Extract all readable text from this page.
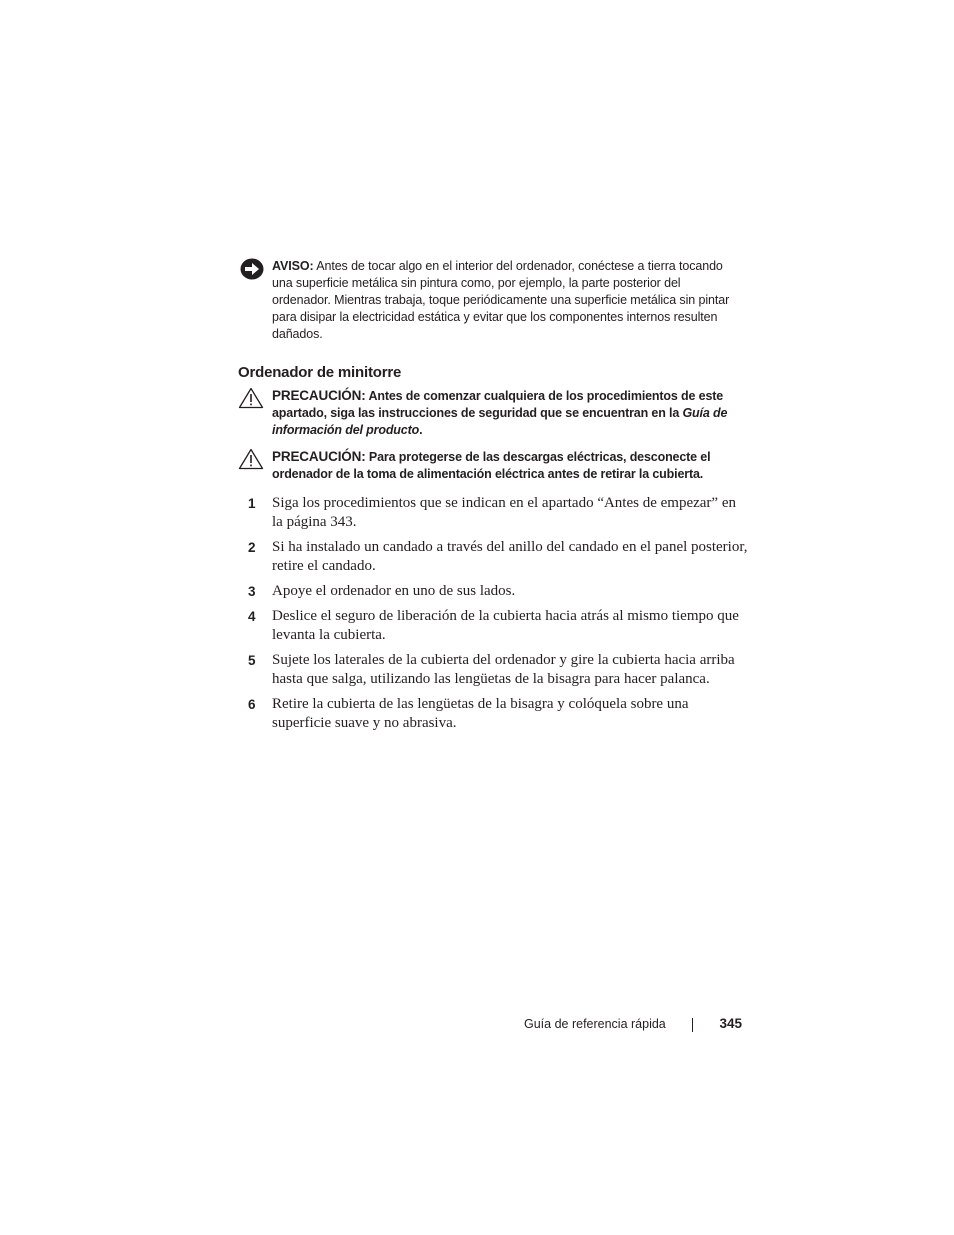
AVISO: Antes de tocar algo en el interior del ordenador, conéctese a tierra tocando una superficie metálica sin pintura como, por ejemplo, la parte posterior del ordenador. Mientras trabaja, toque periódicamente una superficie metálica sin pintar para disipar la electricidad estática y evitar que los componentes internos resulten dañados.
Ordenador de minitorre
PRECAUCIÓN: Antes de comenzar cualquiera de los procedimientos de este apartado, siga las instrucciones de seguridad que se encuentran en la Guía de información del producto.
PRECAUCIÓN: Para protegerse de las descargas eléctricas, desconecte el ordenador de la toma de alimentación eléctrica antes de retirar la cubierta.
1 Siga los procedimientos que se indican en el apartado “Antes de empezar” en la página 343.
2 Si ha instalado un candado a través del anillo del candado en el panel posterior, retire el candado.
3 Apoye el ordenador en uno de sus lados.
4 Deslice el seguro de liberación de la cubierta hacia atrás al mismo tiempo que levanta la cubierta.
5 Sujete los laterales de la cubierta del ordenador y gire la cubierta hacia arriba hasta que salga, utilizando las lengüetas de la bisagra para hacer palanca.
6 Retire la cubierta de las lengüetas de la bisagra y colóquela sobre una superficie suave y no abrasiva.
Guía de referencia rápida	345
